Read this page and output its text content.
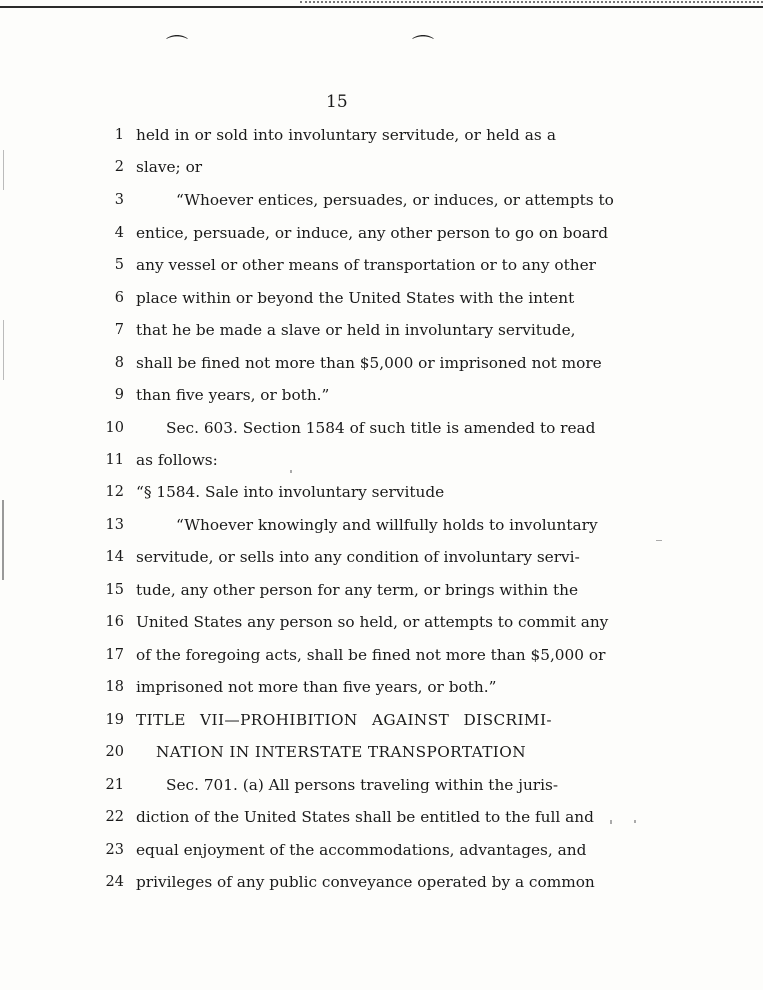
⌒	⌒
15
1 held in or sold into involuntary servitude, or held as a
2 slave; or
3	“Whoever entices, persuades, or induces, or attempts to
4 entice, persuade, or induce, any other person to go on board
5 any vessel or other means of transportation or to any other
6 place within or beyond the United States with the intent
7 that he be made a slave or held in involuntary servitude,
8 shall be fined not more than $5,000 or imprisoned not more
9 than five years, or both.”
10	Sec. 603. Section 1584 of such title is amended to read
11 as follows:
12 “§ 1584. Sale into involuntary servitude
13	“Whoever knowingly and willfully holds to involuntary
14 servitude, or sells into any condition of involuntary servi-
15 tude, any other person for any term, or brings within the
16 United States any person so held, or attempts to commit any
17 of the foregoing acts, shall be fined not more than $5,000 or
18 imprisoned not more than five years, or both.”
19 TITLE VII—PROHIBITION AGAINST DISCRIMI-
20 NATION IN INTERSTATE TRANSPORTATION
21	Sec. 701. (a) All persons traveling within the juris-
22 diction of the United States shall be entitled to the full and
23 equal enjoyment of the accommodations, advantages, and
24 privileges of any public conveyance operated by a common
